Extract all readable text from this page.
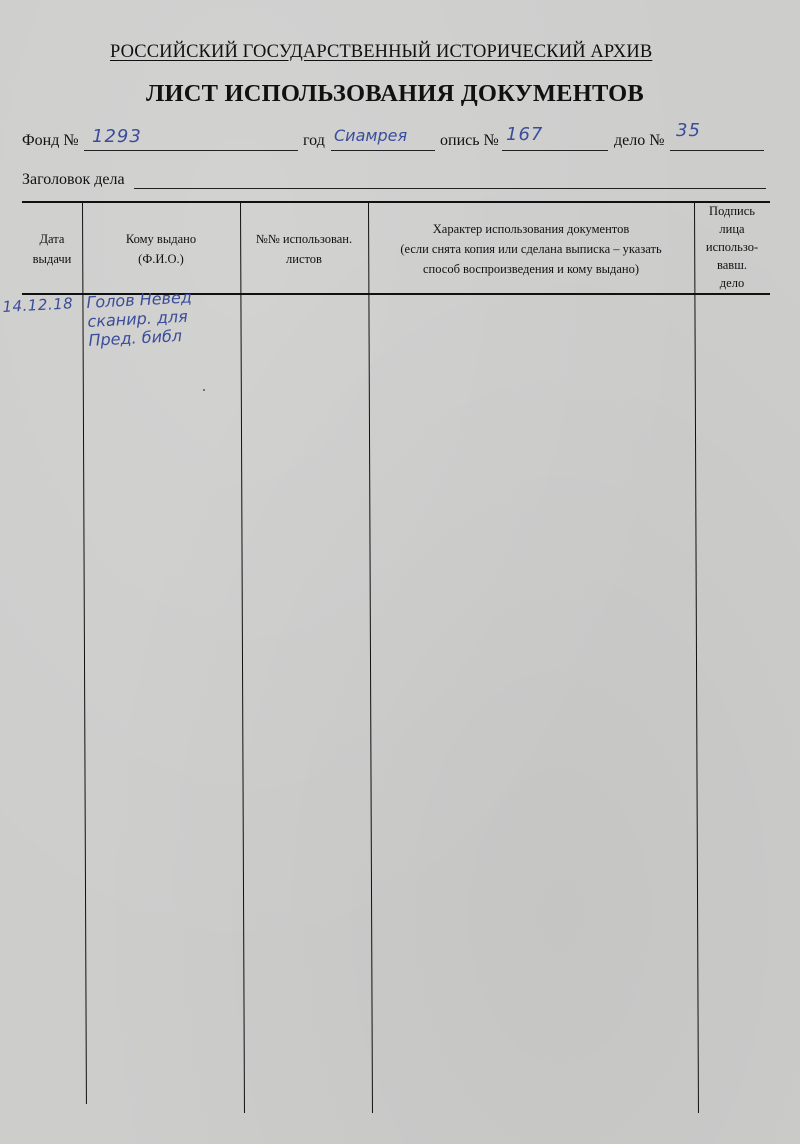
РОССИЙСКИЙ ГОСУДАРСТВЕННЫЙ ИСТОРИЧЕСКИЙ АРХИВ
ЛИСТ ИСПОЛЬЗОВАНИЯ ДОКУМЕНТОВ
Фонд № 1293	год Сиамрея опись № 167	дело № 35
Заголовок дела
Дата
выдачи
Кому выдано
(Ф.И.О.)
№№ использован.
листов
Характер использования документов
(если снята копия или сделана выписка – указать
способ воспроизведения и кому выдано)
Подпись
лица
использо-
вавш.
дело
14.12.18 Голов Невед
сканир. для
Пред. библ
